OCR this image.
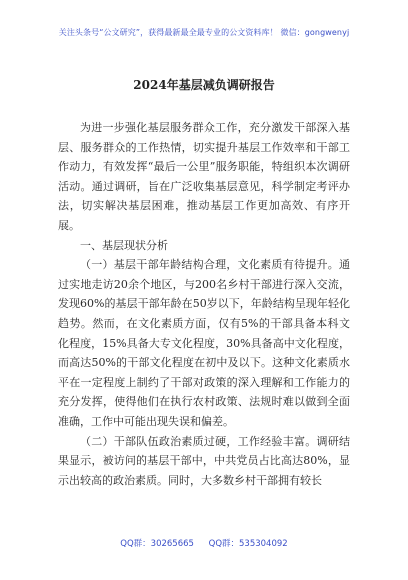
关注头条号“公文研究”，获得最新最全最专业的公文资料库！ 微信：gongwenyj
2024年基层减负调研报告

为进一步强化基层服务群众工作，充分激发干部深入基层、服务群众的工作热情，切实提升基层工作效率和干部工作动力，有效发挥“最后一公里”服务职能，特组织本次调研活动。通过调研，旨在广泛收集基层意见，科学制定考评办法，切实解决基层困难，推动基层工作更加高效、有序开展。

一、基层现状分析

（一）基层干部年龄结构合理，文化素质有待提升。通过实地走访20余个地区，与200名乡村干部进行深入交流，发现60%的基层干部年龄在50岁以下，年龄结构呈现年轻化趋势。然而，在文化素质方面，仅有5%的干部具备本科文化程度，15%具备大专文化程度，30%具备高中文化程度，而高达50%的干部文化程度在初中及以下。这种文化素质水平在一定程度上制约了干部对政策的深入理解和工作能力的充分发挥，使得他们在执行农村政策、法规时难以做到全面准确，工作中可能出现失误和偏差。

（二）干部队伍政治素质过硬，工作经验丰富。调研结果显示，被访问的基层干部中，中共党员占比高达80%，显示出较高的政治素质。同时，大多数乡村干部拥有较长

QQ群：30265665 QQ群：535304092
